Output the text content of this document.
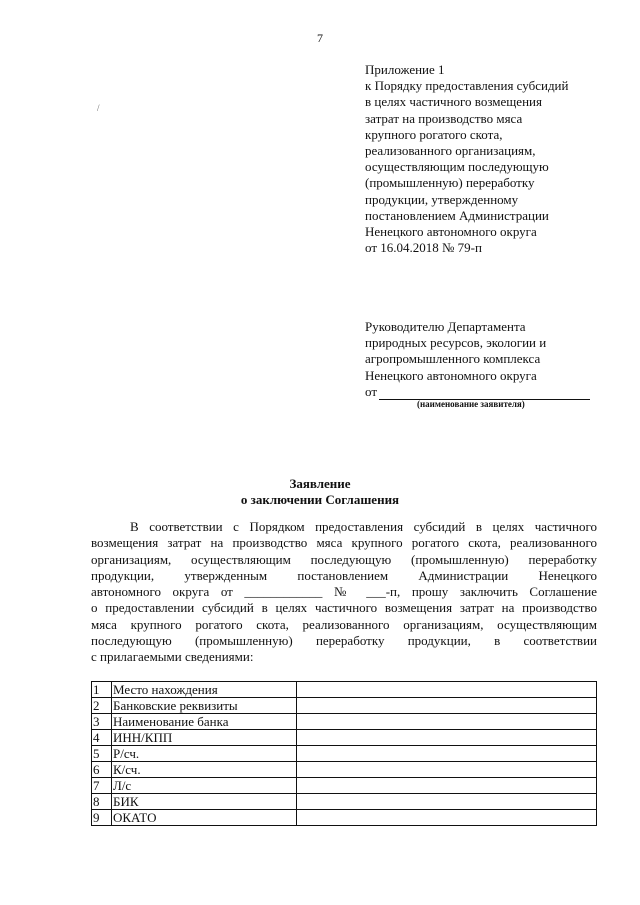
7
/
Приложение 1
к Порядку предоставления субсидий
в целях частичного возмещения
затрат на производство мяса
крупного рогатого скота,
реализованного организациям,
осуществляющим последующую
(промышленную) переработку
продукции, утвержденному
постановлением Администрации
Ненецкого автономного округа
от 16.04.2018 № 79-п
Руководителю Департамента
природных ресурсов, экологии и
агропромышленного комплекса
Ненецкого автономного округа
от
(наименование заявителя)
Заявление
о заключении Соглашения
В соответствии с Порядком предоставления субсидий в целях частичного
возмещения затрат на производство мяса крупного рогатого скота, реализованного
организациям, осуществляющим последующую (промышленную) переработку
продукции, утвержденным постановлением Администрации Ненецкого
автономного округа от ____________ № ___-п, прошу заключить Соглашение
о предоставлении субсидий в целях частичного возмещения затрат на производство
мяса крупного рогатого скота, реализованного организациям, осуществляющим
последующую (промышленную) переработку продукции, в соответствии
с прилагаемыми сведениями:
1	Место нахождения	
2	Банковские реквизиты	
3	Наименование банка	
4	ИНН/КПП	
5	Р/сч.	
6	К/сч.	
7	Л/с	
8	БИК	
9	ОКАТО	
